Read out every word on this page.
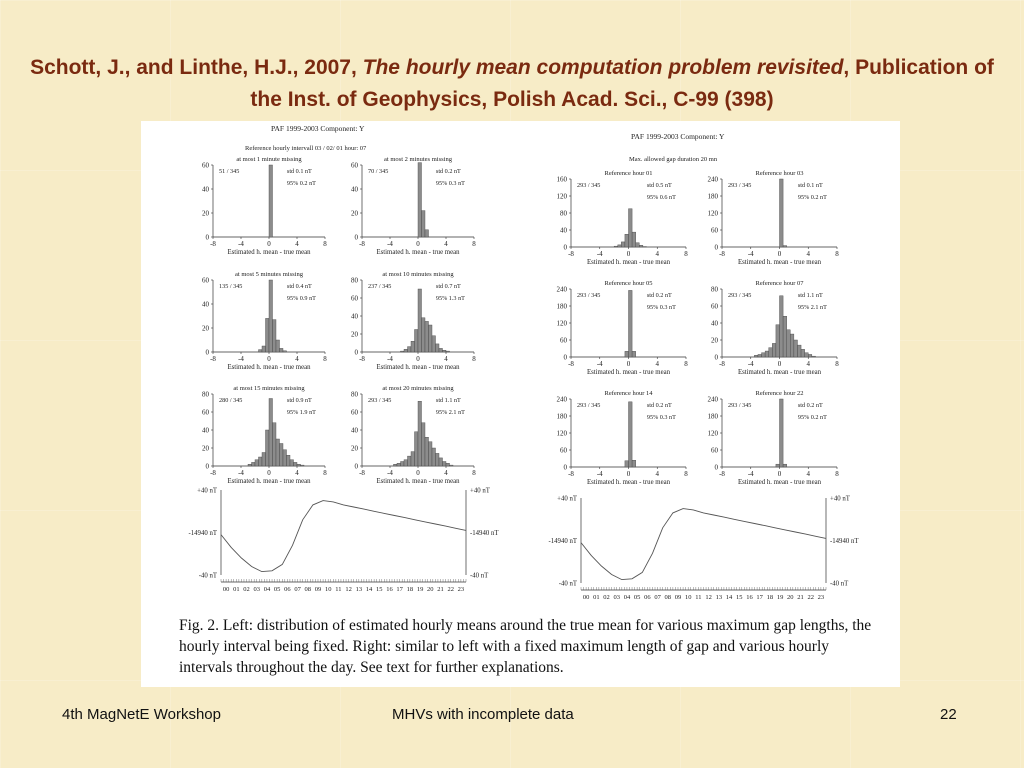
Schott, J., and Linthe, H.J., 2007, The hourly mean computation problem revisited, Publication of the Inst. of Geophysics, Polish Acad. Sci., C-99 (398)
PAF 1999-2003 Component: Y
Reference hourly intervall 03 / 02/ 01 hour: 07
PAF 1999-2003 Component: Y
Max. allowed gap duration 20 mn
at most 1 minute missing
0
20
40
60
-8	-4	0	4	8
Estimated h. mean - true mean
51 / 345	std 0.1 nT
95% 0.2 nT
at most 2 minutes missing
0
20
40
60
-8	-4	0	4	8
Estimated h. mean - true mean
70 / 345	std 0.2 nT
95% 0.3 nT
at most 5 minutes missing
0
20
40
60
-8	-4	0	4	8
Estimated h. mean - true mean
135 / 345	std 0.4 nT
95% 0.9 nT
at most 10 minutes missing
0
20
40
60
80
-8	-4	0	4	8
Estimated h. mean - true mean
237 / 345	std 0.7 nT
95% 1.3 nT
at most 15 minutes missing
0
20
40
60
80
-8	-4	0	4	8
Estimated h. mean - true mean
280 / 345	std 0.9 nT
95% 1.9 nT
at most 20 minutes missing
0
20
40
60
80
-8	-4	0	4	8
Estimated h. mean - true mean
293 / 345	std 1.1 nT
95% 2.1 nT
Reference hour 01
0
40
80
120
160
-8	-4	0	4	8
Estimated h. mean - true mean
293 / 345	std 0.5 nT
95% 0.6 nT
Reference hour 03
0
60
120
180
240
-8	-4	0	4	8
Estimated h. mean - true mean
293 / 345	std 0.1 nT
95% 0.2 nT
Reference hour 05
0
60
120
180
240
-8	-4	0	4	8
Estimated h. mean - true mean
293 / 345	std 0.2 nT
95% 0.3 nT
Reference hour 07
0
20
40
60
80
-8	-4	0	4	8
Estimated h. mean - true mean
293 / 345	std 1.1 nT
95% 2.1 nT
Reference hour 14
0
60
120
180
240
-8	-4	0	4	8
Estimated h. mean - true mean
293 / 345	std 0.2 nT
95% 0.3 nT
Reference hour 22
0
60
120
180
240
-8	-4	0	4	8
Estimated h. mean - true mean
293 / 345	std 0.2 nT
95% 0.2 nT
+40 nT	+40 nT
-14940 nT	-14940 nT
-40 nT	-40 nT
00 01 02 03 04 05 06 07 08 09 10 11 12 13 14 15 16 17 18 19 20 21 22 23
+40 nT	+40 nT
-14940 nT	-14940 nT
-40 nT	-40 nT
00 01 02 03 04 05 06 07 08 09 10 11 12 13 14 15 16 17 18 19 20 21 22 23
Fig. 2. Left: distribution of estimated hourly means around the true mean for various maximum gap lengths, the hourly interval being fixed. Right: similar to left with a fixed maximum length of gap and various hourly intervals throughout the day. See text for further explanations.
4th MagNetE Workshop	MHVs with incomplete data	22
